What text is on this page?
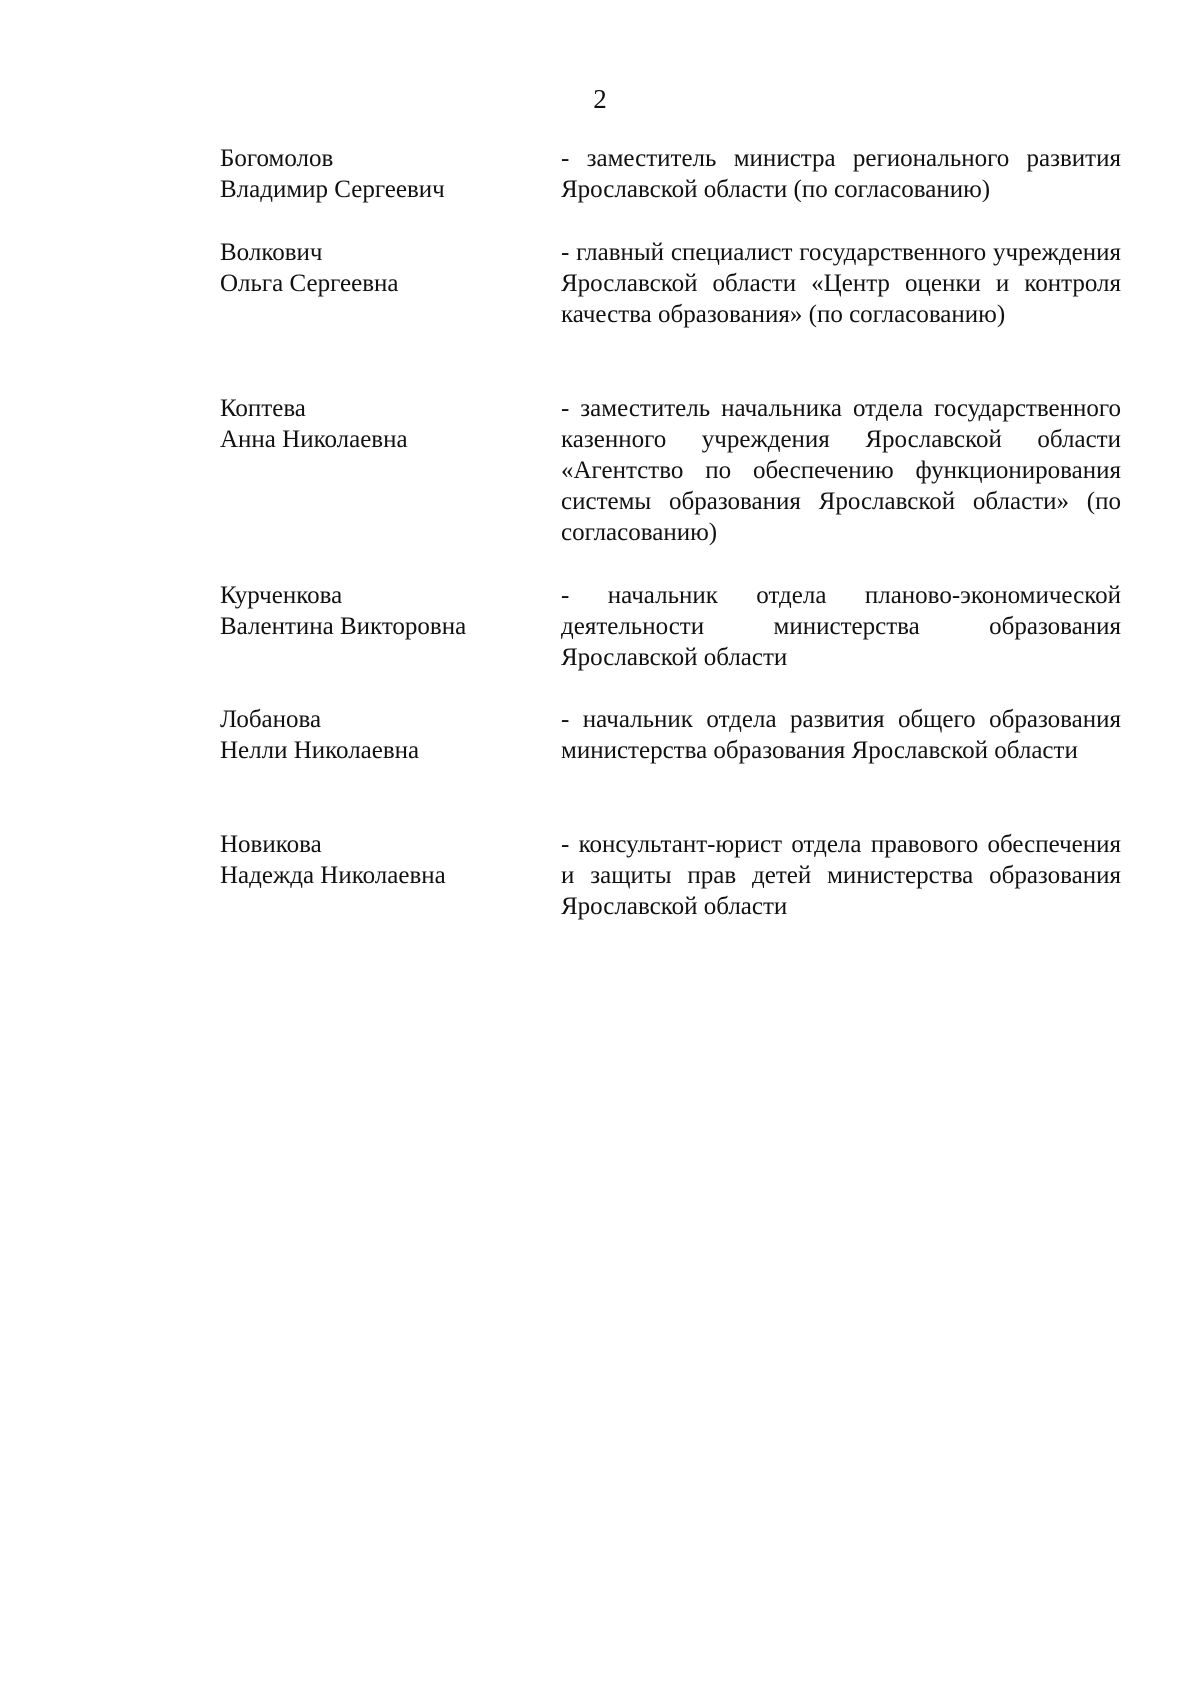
2
Богомолов
Владимир Сергеевич
- заместитель министра регионального развития Ярославской области (по согласованию)
Волкович
Ольга Сергеевна
- главный специалист государственного учреждения Ярославской области «Центр оценки и контроля качества образования» (по согласованию)
Коптева
Анна Николаевна
- заместитель начальника отдела государственного казенного учреждения Ярославской области «Агентство по обеспечению функционирования системы образования Ярославской области» (по согласованию)
Курченкова
Валентина Викторовна
- начальник отдела планово-экономической деятельности министерства образования Ярославской области
Лобанова
Нелли Николаевна
- начальник отдела развития общего образования министерства образования Ярославской области
Новикова
Надежда Николаевна
- консультант-юрист отдела правового обеспечения и защиты прав детей министерства образования Ярославской области
